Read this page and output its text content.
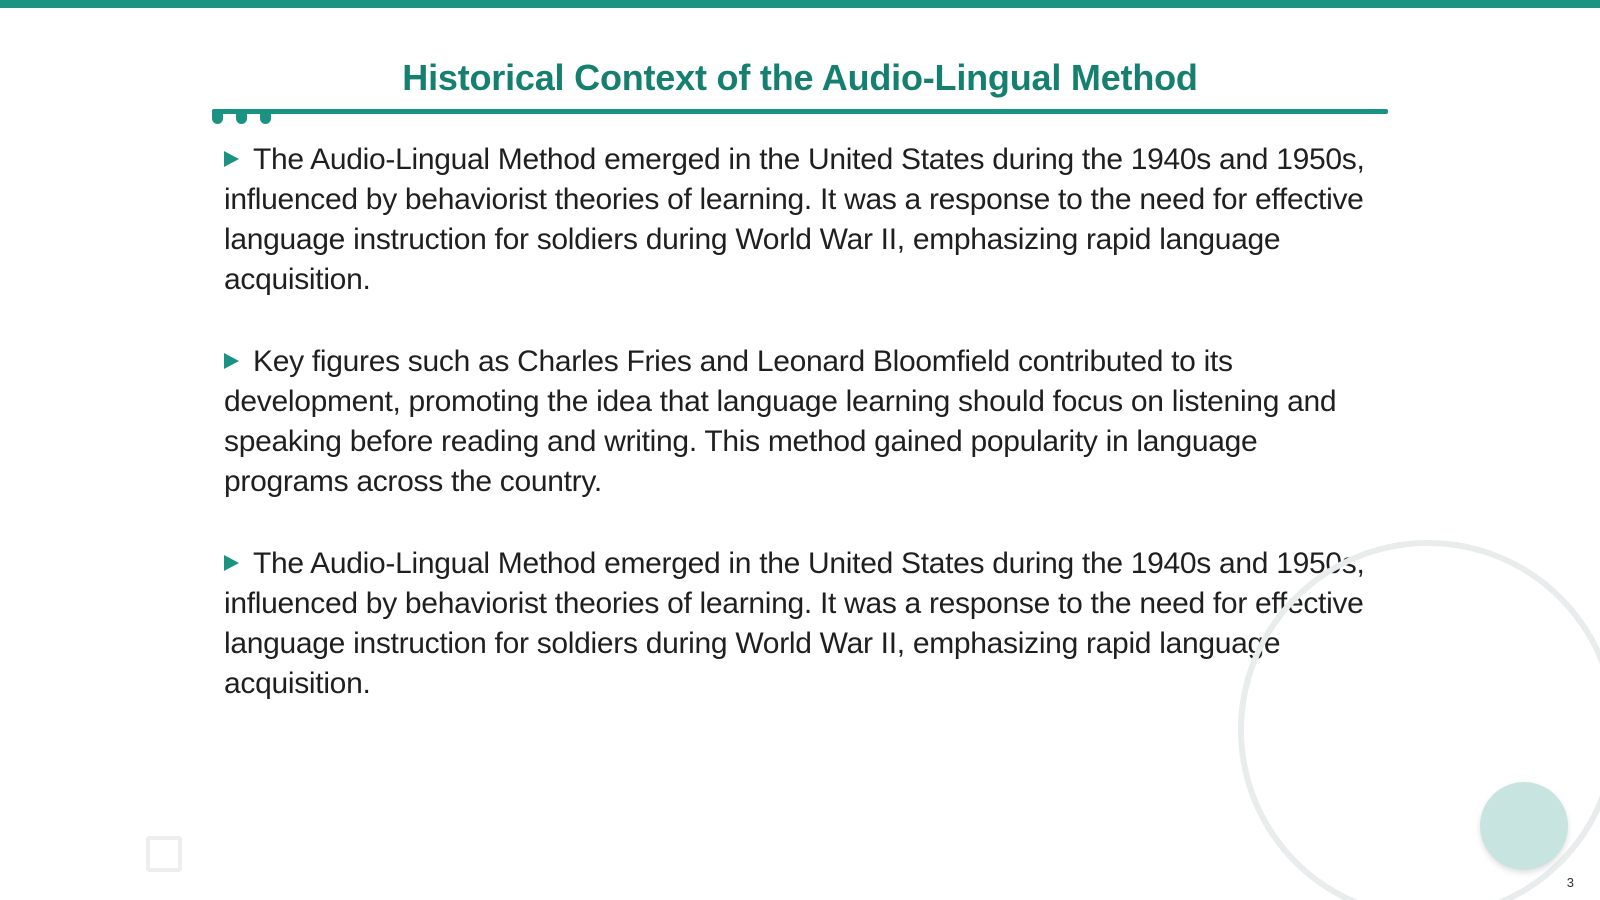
Historical Context of the Audio-Lingual Method

The Audio-Lingual Method emerged in the United States during the 1940s and 1950s, influenced by behaviorist theories of learning. It was a response to the need for effective language instruction for soldiers during World War II, emphasizing rapid language acquisition.

Key figures such as Charles Fries and Leonard Bloomfield contributed to its development, promoting the idea that language learning should focus on listening and speaking before reading and writing. This method gained popularity in language programs across the country.

The Audio-Lingual Method emerged in the United States during the 1940s and 1950s, influenced by behaviorist theories of learning. It was a response to the need for effective language instruction for soldiers during World War II, emphasizing rapid language acquisition.

3
